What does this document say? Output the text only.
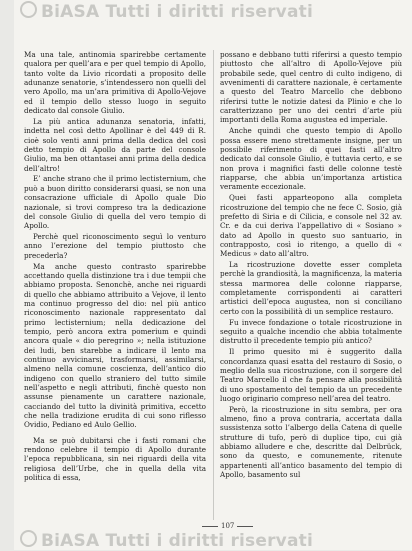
BiASA Tutti i diritti riservati

Ma una tale, antinomia sparirebbe certamente qualora per quell’ara e per quel tempio di Apollo, tanto volte da Livio ricordati a proposito delle adunanze senatorie, s’intendessero non quelli del vero Apollo, ma un’ara primitiva di Apollo-Vejove ed il tempio dello stesso luogo in seguito dedicato dal console Giulio.

La più antica adunanza senatoria, infatti, indetta nel così detto Apollinar è del 449 di R. cioè solo venti anni prima della dedica del così detto tempio di Apollo da parte del console Giulio, ma ben ottantasei anni prima della dedica dell’altro!

E’ anche strano che il primo lectisternium, che può a buon diritto considerarsi quasi, se non una consacrazione ufficiale di Apollo quale Dio nazionale, si trovi compreso tra la dedicazione del console Giulio di quella del vero tempio di Apollo.

Perchè quel riconoscimento seguì lo venturo anno l’erezione del tempio piuttosto che precederla?

Ma anche questo contrasto sparirebbe accettando quella distinzione tra i due tempii che abbiamo proposta. Senonchè, anche nei riguardi di quello che abbiamo attribuito a Vejove, il lento ma continuo progresso del dio: nel più antico riconoscimento nazionale rappresentato dal primo lectisternium; nella dedicazione del tempio, però ancora extra pomerium e quindi ancora quale « dio peregrino »; nella istituzione dei ludi, ben starebbe a indicare il lento ma continuo avvicinarsi, trasformarsi, assimilarsi, almeno nella comune coscienza, dell’antico dio indigeno con quello straniero del tutto simile nell’aspetto e negli attributi, finchè questo non assunse pienamente un carattere nazionale, cacciando del tutto la divinità primitiva, eccetto che nella tradizione erudita di cui sono riflesso Ovidio, Pediano ed Aulo Gellio.

Ma se può dubitarsi che i fasti romani che rendono celebre il tempio di Apollo durante l’epoca repubblicana, sin nei riguardi della vita religiosa dell’Urbe, che in quella della vita politica di essa,

possano e debbano tutti riferirsi a questo tempio piuttosto che all’altro di Apollo-Vejove più probabile sede, quel centro di culto indigeno, di avvenimenti di carattere nazionale, è certamente a questo del Teatro Marcello che debbono riferirsi tutte le notizie datesi da Plinio e che lo caratterizzano per uno dei centri d’arte più importanti della Roma augustea ed imperiale.

Anche quindi che questo tempio di Apollo possa essere meno strettamente insigne, per un possibile riferimento di quei fasti all’altro dedicato dal console Giulio, è tuttavia certo, e se non prova i magnifici fasti delle colonne testè riapparse, che abbia un’importanza artistica veramente eccezionale.

Quei fasti apparteopono alla completa ricostruzione del tempio che ne fece C. Sosio, già prefetto di Siria e di Cilicia, e console nel 32 av. Cr. e da cui deriva l’appellativo di « Sosiano » dato ad Apollo in questo suo santuario, in contrapposto, così io ritengo, a quello di « Medicus » dato all’altro.

La ricostruzione dovette esser completa perchè la grandiosità, la magnificenza, la materia stessa marmorea delle colonne riapparse, completamente corrispondenti ai caratteri artistici dell’epoca augustea, non si conciliano certo con la possibilità di un semplice restauro.

Fu invece fondazione o totale ricostruzione in seguito a qualche incendio che abbia totalmente distrutto il precedente tempio più antico?

Il primo quesito mi è suggerito dalla concordanza quasi esatta del restauro di Sosio, o meglio della sua ricostruzione, con il sorgere del Teatro Marcello il che fa pensare alla possibilità di uno spostamento del tempio da un precedente luogo originario compreso nell’area del teatro.

Però, la ricostruzione in situ sembra, per ora almeno, fino a prova contraria, accertata dalla sussistenza sotto l’albergo della Catena di quelle strutture di tufo, però di duplice tipo, cui già abbiamo alludere e che, descritte dal Delbrück, sono da questo, e comunemente, ritenute appartenenti all’antico basamento del tempio di Apollo, basamento sul

107
BiASA Tutti i diritti riservati
